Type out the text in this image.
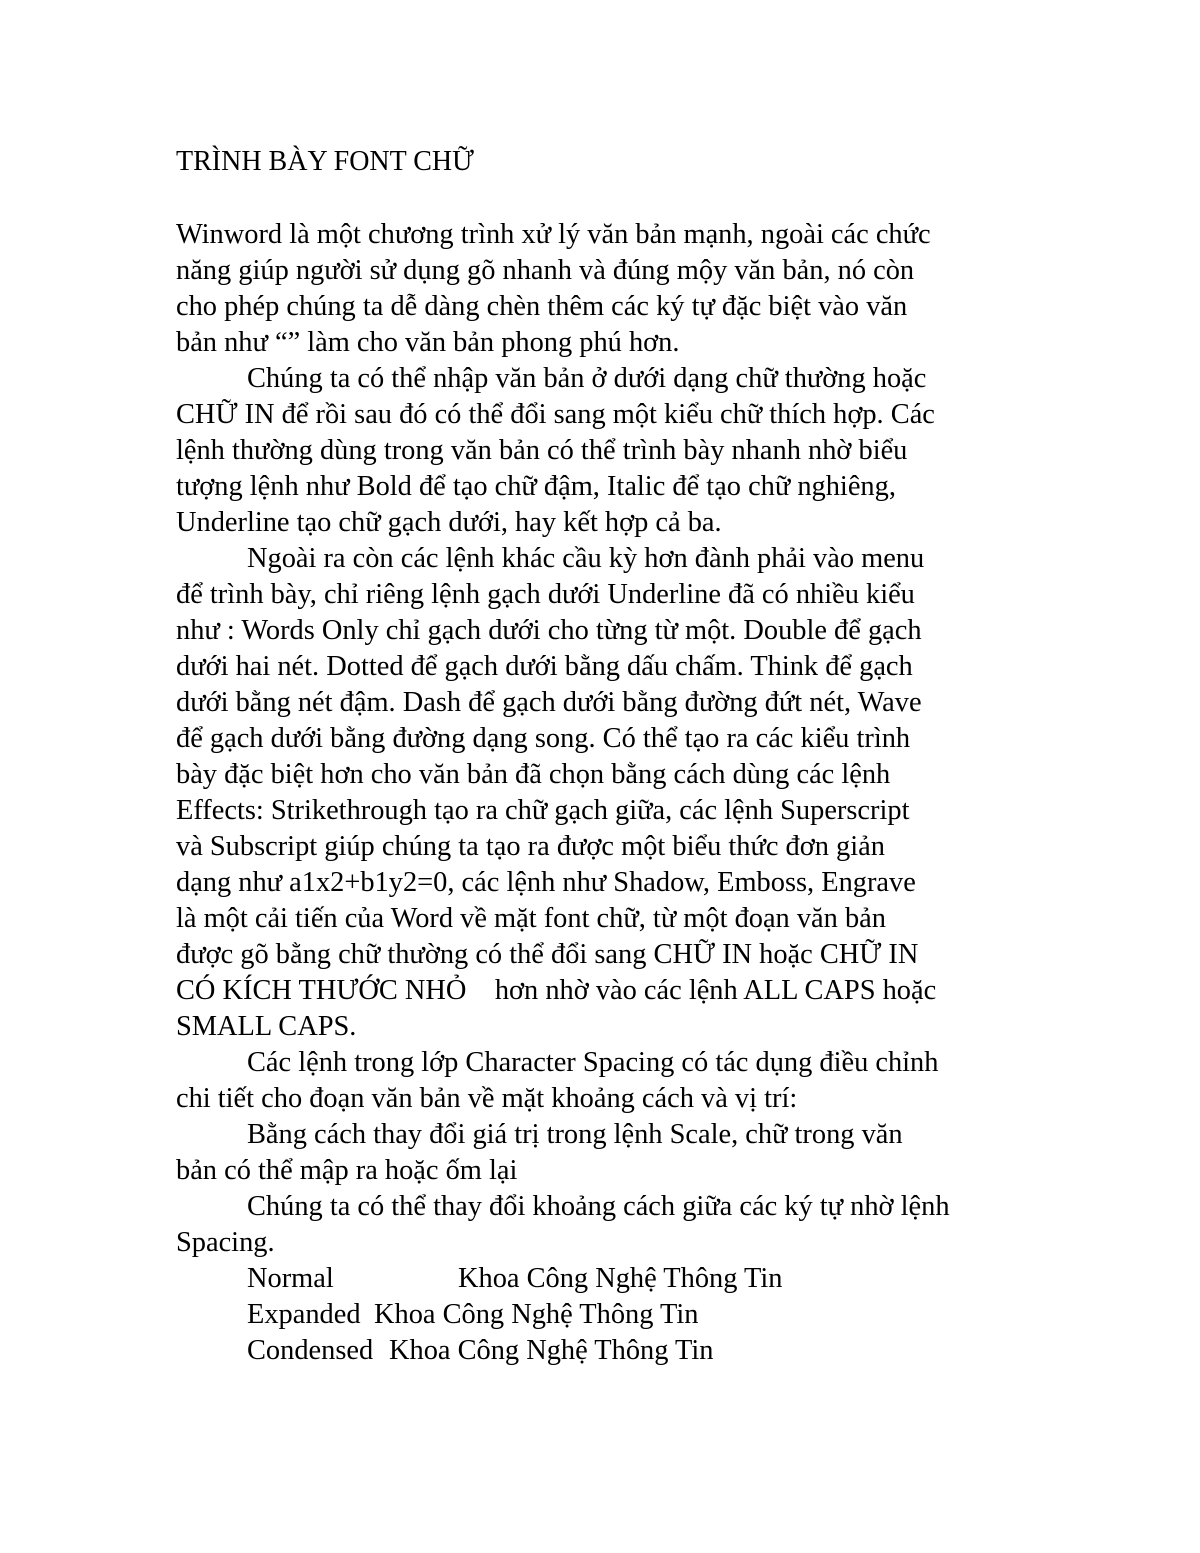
TRÌNH BÀY FONT CHỮ
Winword là một chương trình xử lý văn bản mạnh, ngoài các chức
năng giúp người sử dụng gõ nhanh và đúng mộy văn bản, nó còn
cho phép chúng ta dễ dàng chèn thêm các ký tự đặc biệt vào văn
bản như “” làm cho văn bản phong phú hơn.
Chúng ta có thể nhập văn bản ở dưới dạng chữ thường hoặc
CHỮ IN để rồi sau đó có thể đổi sang một kiểu chữ thích hợp. Các
lệnh thường dùng trong văn bản có thể trình bày nhanh nhờ biểu
tượng lệnh như Bold để tạo chữ đậm, Italic để tạo chữ nghiêng,
Underline tạo chữ gạch dưới, hay kết hợp cả ba.
Ngoài ra còn các lệnh khác cầu kỳ hơn đành phải vào menu
để trình bày, chỉ riêng lệnh gạch dưới Underline đã có nhiều kiểu
như : Words Only chỉ gạch dưới cho từng từ một. Double để gạch
dưới hai nét. Dotted để gạch dưới bằng dấu chấm. Think để gạch
dưới bằng nét đậm. Dash để gạch dưới bằng đường đứt nét, Wave
để gạch dưới bằng đường dạng song. Có thể tạo ra các kiểu trình
bày đặc biệt hơn cho văn bản đã chọn bằng cách dùng các lệnh
Effects: Strikethrough tạo ra chữ gạch giữa, các lệnh Superscript
và Subscript giúp chúng ta tạo ra được một biểu thức đơn giản
dạng như a1x2+b1y2=0, các lệnh như Shadow, Emboss, Engrave
là một cải tiến của Word về mặt font chữ, từ một đoạn văn bản
được gõ bằng chữ thường có thể đổi sang CHỮ IN hoặc CHỮ IN
CÓ KÍCH THƯỚC NHỎ    hơn nhờ vào các lệnh ALL CAPS hoặc
SMALL CAPS.
Các lệnh trong lớp Character Spacing có tác dụng điều chỉnh
chi tiết cho đoạn văn bản về mặt khoảng cách và vị trí:
Bằng cách thay đổi giá trị trong lệnh Scale, chữ trong văn
bản có thể mập ra hoặc ốm lại
Chúng ta có thể thay đổi khoảng cách giữa các ký tự nhờ lệnh
Spacing.
Normal	Khoa Công Nghệ Thông Tin
Expanded Khoa Công Nghệ Thông Tin
Condensed Khoa Công Nghệ Thông Tin
